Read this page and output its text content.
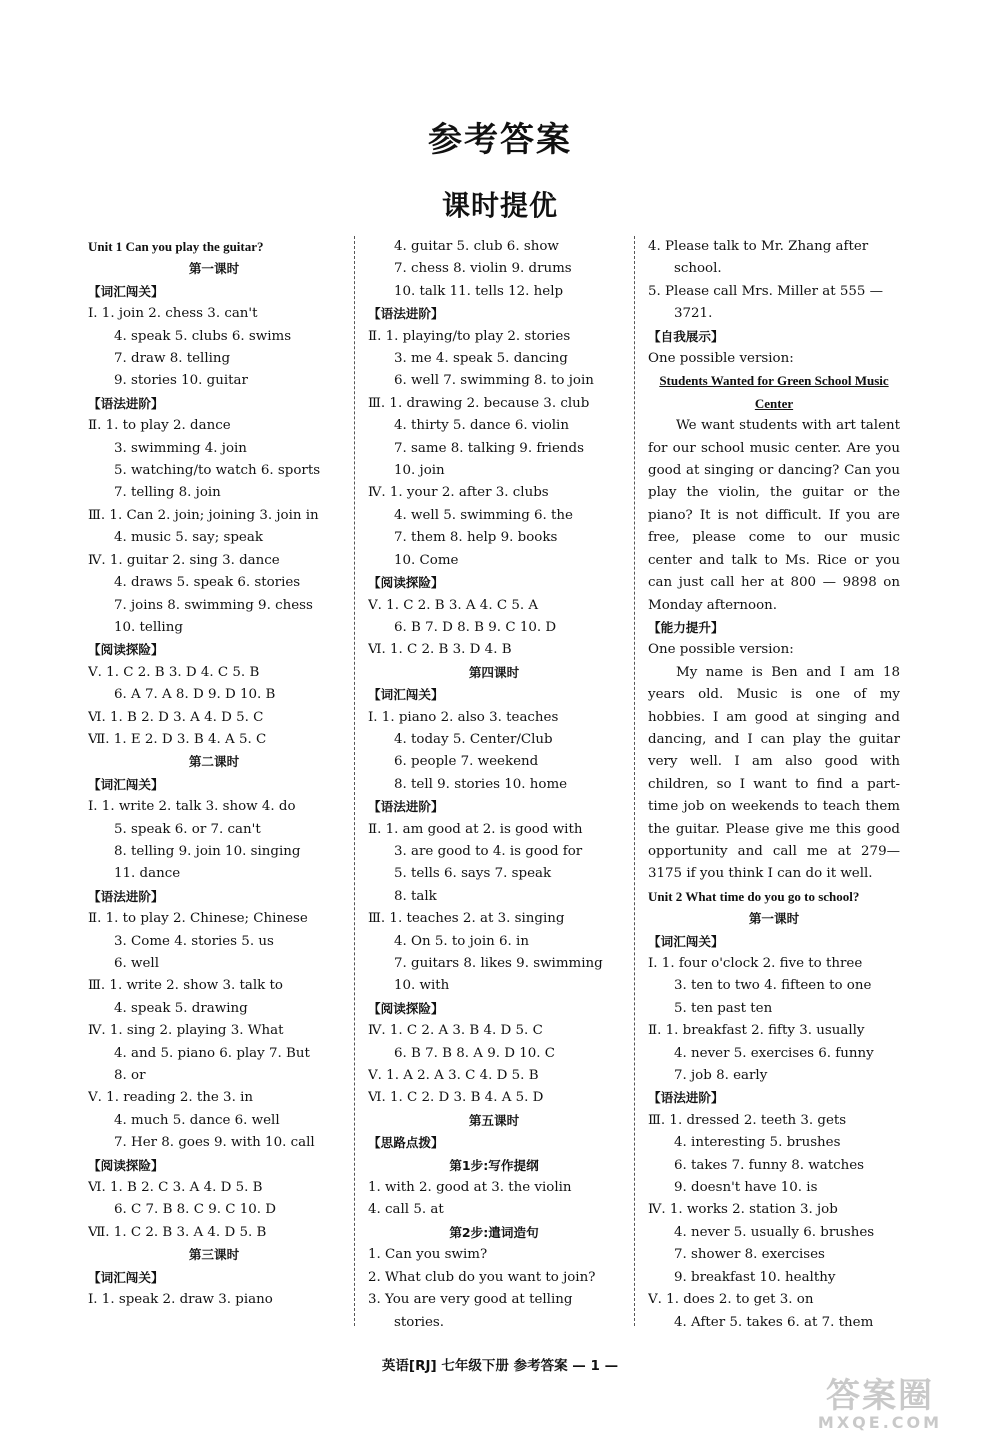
参考答案
课时提优
Unit 1 Can you play the guitar?
第一课时
【词汇闯关】
Ⅰ. 1. join 2. chess 3. can't
4. speak 5. clubs 6. swims
7. draw 8. telling
9. stories 10. guitar
【语法进阶】
Ⅱ. 1. to play 2. dance
3. swimming 4. join
5. watching/to watch 6. sports
7. telling 8. join
Ⅲ. 1. Can 2. join; joining 3. join in
4. music 5. say; speak
Ⅳ. 1. guitar 2. sing 3. dance
4. draws 5. speak 6. stories
7. joins 8. swimming 9. chess
10. telling
【阅读探险】
Ⅴ. 1. C 2. B 3. D 4. C 5. B
6. A 7. A 8. D 9. D 10. B
Ⅵ. 1. B 2. D 3. A 4. D 5. C
Ⅶ. 1. E 2. D 3. B 4. A 5. C
第二课时
【词汇闯关】
Ⅰ. 1. write 2. talk 3. show 4. do
5. speak 6. or 7. can't
8. telling 9. join 10. singing
11. dance
【语法进阶】
Ⅱ. 1. to play 2. Chinese; Chinese
3. Come 4. stories 5. us
6. well
Ⅲ. 1. write 2. show 3. talk to
4. speak 5. drawing
Ⅳ. 1. sing 2. playing 3. What
4. and 5. piano 6. play 7. But
8. or
Ⅴ. 1. reading 2. the 3. in
4. much 5. dance 6. well
7. Her 8. goes 9. with 10. call
【阅读探险】
Ⅵ. 1. B 2. C 3. A 4. D 5. B
6. C 7. B 8. C 9. C 10. D
Ⅶ. 1. C 2. B 3. A 4. D 5. B
第三课时
【词汇闯关】
Ⅰ. 1. speak 2. draw 3. piano
4. guitar 5. club 6. show
7. chess 8. violin 9. drums
10. talk 11. tells 12. help
【语法进阶】
Ⅱ. 1. playing/to play 2. stories
3. me 4. speak 5. dancing
6. well 7. swimming 8. to join
Ⅲ. 1. drawing 2. because 3. club
4. thirty 5. dance 6. violin
7. same 8. talking 9. friends
10. join
Ⅳ. 1. your 2. after 3. clubs
4. well 5. swimming 6. the
7. them 8. help 9. books
10. Come
【阅读探险】
Ⅴ. 1. C 2. B 3. A 4. C 5. A
6. B 7. D 8. B 9. C 10. D
Ⅵ. 1. C 2. B 3. D 4. B
第四课时
【词汇闯关】
Ⅰ. 1. piano 2. also 3. teaches
4. today 5. Center/Club
6. people 7. weekend
8. tell 9. stories 10. home
【语法进阶】
Ⅱ. 1. am good at 2. is good with
3. are good to 4. is good for
5. tells 6. says 7. speak
8. talk
Ⅲ. 1. teaches 2. at 3. singing
4. On 5. to join 6. in
7. guitars 8. likes 9. swimming
10. with
【阅读探险】
Ⅳ. 1. C 2. A 3. B 4. D 5. C
6. B 7. B 8. A 9. D 10. C
Ⅴ. 1. A 2. A 3. C 4. D 5. B
Ⅵ. 1. C 2. D 3. B 4. A 5. D
第五课时
【思路点拨】
第1步:写作提纲
1. with 2. good at 3. the violin
4. call 5. at
第2步:遣词造句
1. Can you swim?
2. What club do you want to join?
3. You are very good at telling
stories.
4. Please talk to Mr. Zhang after
school.
5. Please call Mrs. Miller at 555 —
3721.
【自我展示】
One possible version:
Students Wanted for Green School Music Center
We want students with art talent for our school music center. Are you good at singing or dancing? Can you play the violin, the guitar or the piano? It is not difficult. If you are free, please come to our music center and talk to Ms. Rice or you can just call her at 800 — 9898 on Monday afternoon.
【能力提升】
One possible version:
My name is Ben and I am 18 years old. Music is one of my hobbies. I am good at singing and dancing, and I can play the guitar very well. I am also good with children, so I want to find a part-time job on weekends to teach them the guitar. Please give me this good opportunity and call me at 279—3175 if you think I can do it well.
Unit 2 What time do you go to school?
第一课时
【词汇闯关】
Ⅰ. 1. four o'clock 2. five to three
3. ten to two 4. fifteen to one
5. ten past ten
Ⅱ. 1. breakfast 2. fifty 3. usually
4. never 5. exercises 6. funny
7. job 8. early
【语法进阶】
Ⅲ. 1. dressed 2. teeth 3. gets
4. interesting 5. brushes
6. takes 7. funny 8. watches
9. doesn't have 10. is
Ⅳ. 1. works 2. station 3. job
4. never 5. usually 6. brushes
7. shower 8. exercises
9. breakfast 10. healthy
Ⅴ. 1. does 2. to get 3. on
4. After 5. takes 6. at 7. them
英语[RJ] 七年级下册 参考答案 — 1 —
答案圈
MXQE.COM
